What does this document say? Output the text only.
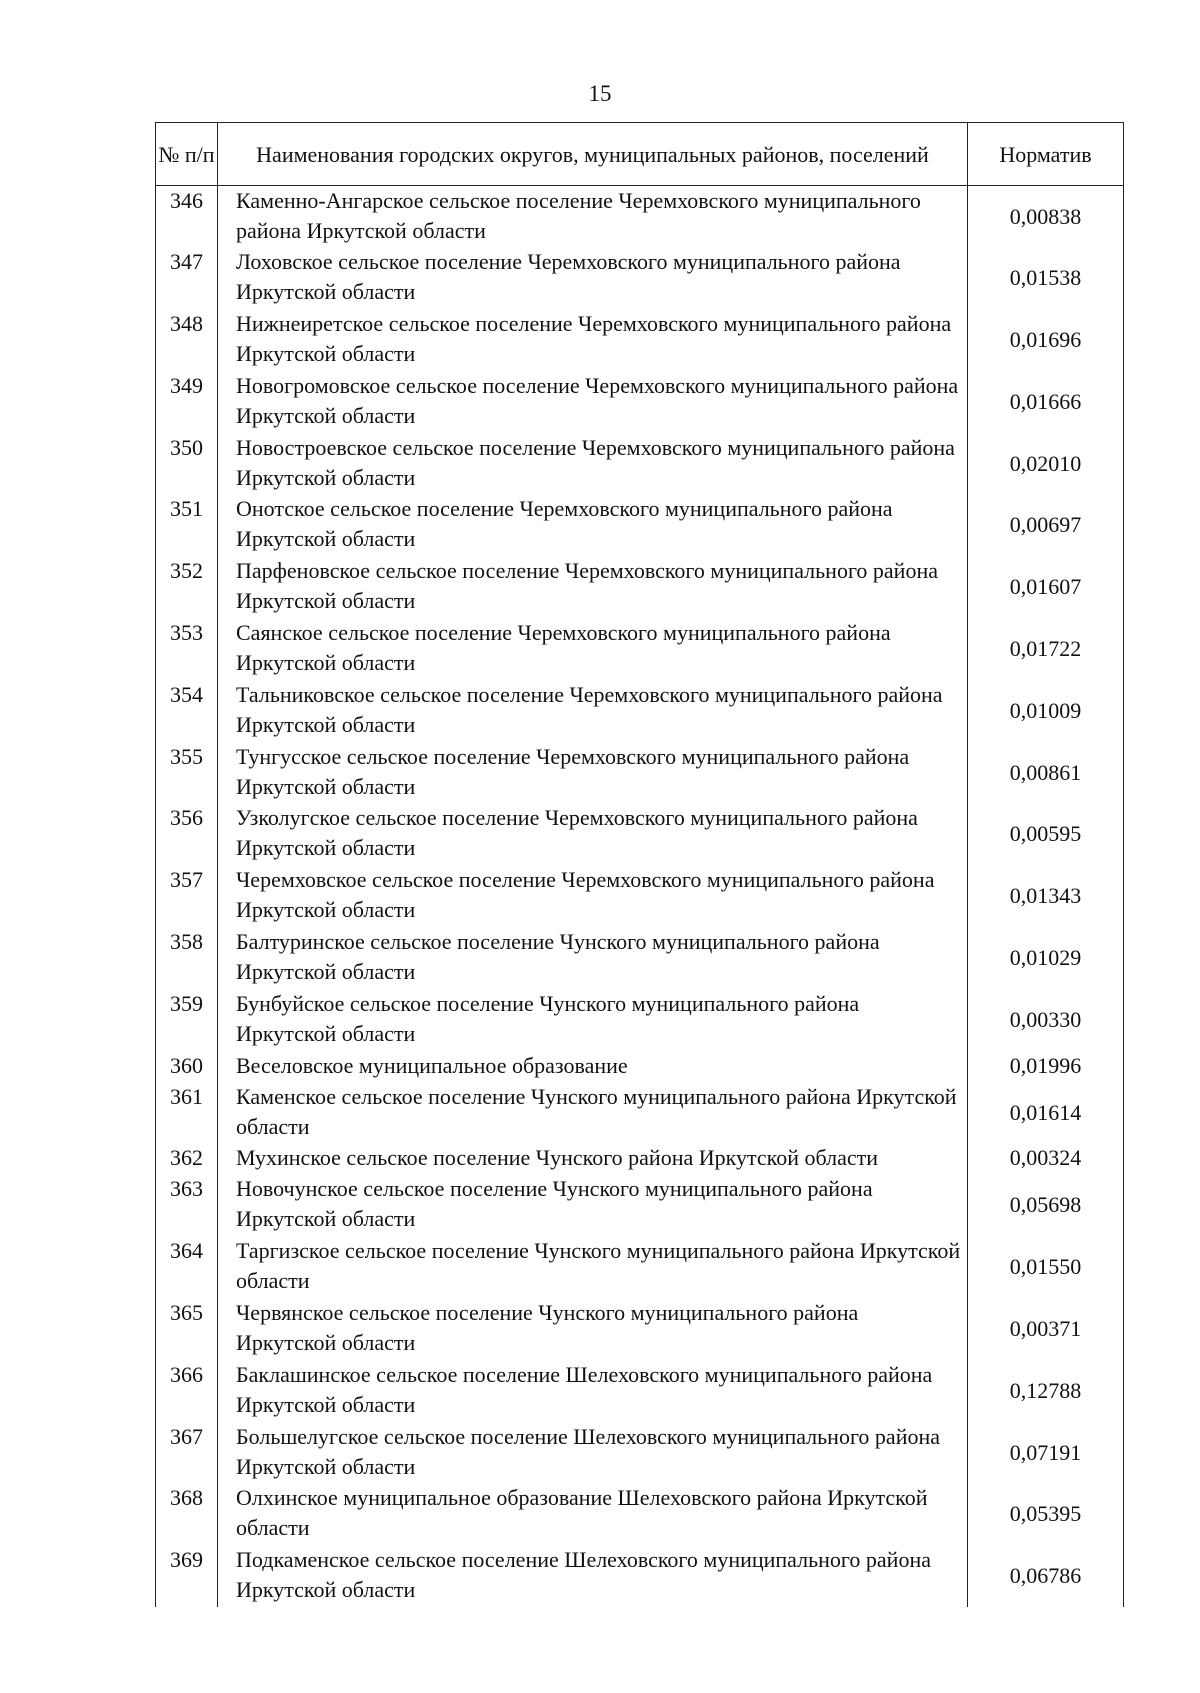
15
№ п/п	Наименования городских округов, муниципальных районов, поселений	Норматив
346	Каменно-Ангарское сельское поселение Черемховского муниципального района Иркутской области	0,00838
347	Лоховское сельское поселение Черемховского муниципального района Иркутской области	0,01538
348	Нижнеиретское сельское поселение Черемховского муниципального района Иркутской области	0,01696
349	Новогромовское сельское поселение Черемховского муниципального района Иркутской области	0,01666
350	Новостроевское сельское поселение Черемховского муниципального района Иркутской области	0,02010
351	Онотское сельское поселение Черемховского муниципального района Иркутской области	0,00697
352	Парфеновское сельское поселение Черемховского муниципального района Иркутской области	0,01607
353	Саянское сельское поселение Черемховского муниципального района Иркутской области	0,01722
354	Тальниковское сельское поселение Черемховского муниципального района Иркутской области	0,01009
355	Тунгусское сельское поселение Черемховского муниципального района Иркутской области	0,00861
356	Узколугское сельское поселение Черемховского муниципального района Иркутской области	0,00595
357	Черемховское сельское поселение Черемховского муниципального района Иркутской области	0,01343
358	Балтуринское сельское поселение Чунского муниципального района Иркутской области	0,01029
359	Бунбуйское сельское поселение Чунского муниципального района Иркутской области	0,00330
360	Веселовское муниципальное образование	0,01996
361	Каменское сельское поселение Чунского муниципального района Иркутской области	0,01614
362	Мухинское сельское поселение Чунского района Иркутской области	0,00324
363	Новочунское сельское поселение Чунского муниципального района Иркутской области	0,05698
364	Таргизское сельское поселение Чунского муниципального района Иркутской области	0,01550
365	Червянское сельское поселение Чунского муниципального района Иркутской области	0,00371
366	Баклашинское сельское поселение Шелеховского муниципального района Иркутской области	0,12788
367	Большелугское сельское поселение Шелеховского муниципального района Иркутской области	0,07191
368	Олхинское муниципальное образование Шелеховского района Иркутской области	0,05395
369	Подкаменское сельское поселение Шелеховского муниципального района Иркутской области	0,06786
